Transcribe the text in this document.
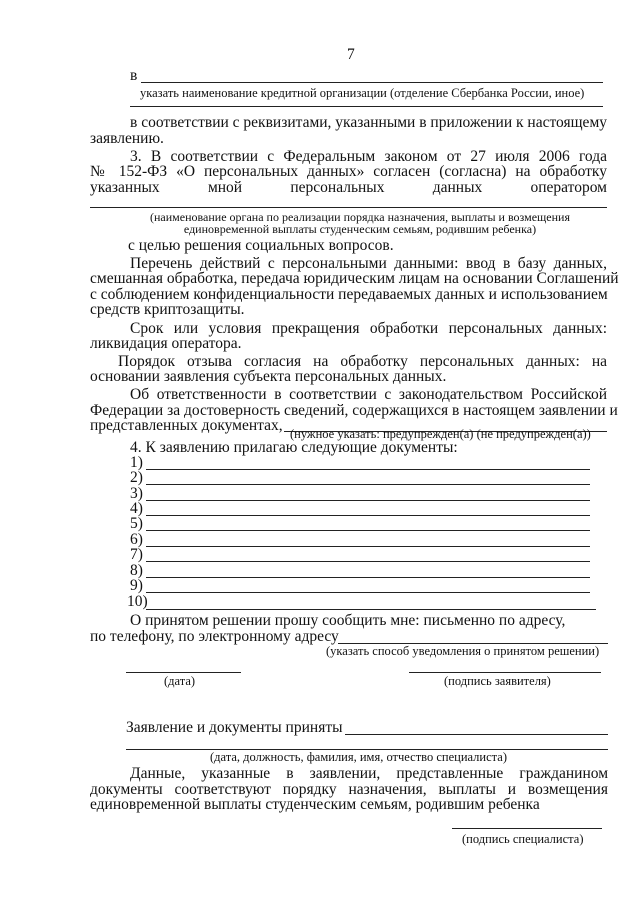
7
в
указать наименование кредитной организации (отделение Сбербанка России, иное)
в соответствии с реквизитами, указанными в приложении к настоящему
заявлению.
3. В соответствии с Федеральным законом от 27 июля 2006 года
№ 152-ФЗ «О персональных данных» согласен (согласна) на обработку
указанных мной персональных данных оператором
(наименование органа по реализации порядка назначения, выплаты и возмещения
единовременной выплаты студенческим семьям, родившим ребенка)
с целью решения социальных вопросов.
Перечень действий с персональными данными: ввод в базу данных,
смешанная обработка, передача юридическим лицам на основании Соглашений
с соблюдением конфиденциальности передаваемых данных и использованием
средств криптозащиты.
Срок или условия прекращения обработки персональных данных:
ликвидация оператора.
Порядок отзыва согласия на обработку персональных данных: на
основании заявления субъекта персональных данных.
Об ответственности в соответствии с законодательством Российской
Федерации за достоверность сведений, содержащихся в настоящем заявлении и
представленных документах, (нужное указать: предупрежден(а) (не предупрежден(а))
4. К заявлению прилагаю следующие документы:
1)
2)
3)
4)
5)
6)
7)
8)
9)
10)
О принятом решении прошу сообщить мне: письменно по адресу,
по телефону, по электронному адресу
(указать способ уведомления о принятом решении)
(дата)	(подпись заявителя)
Заявление и документы приняты
(дата, должность, фамилия, имя, отчество специалиста)
Данные, указанные в заявлении, представленные гражданином
документы соответствуют порядку назначения, выплаты и возмещения
единовременной выплаты студенческим семьям, родившим ребенка
(подпись специалиста)
